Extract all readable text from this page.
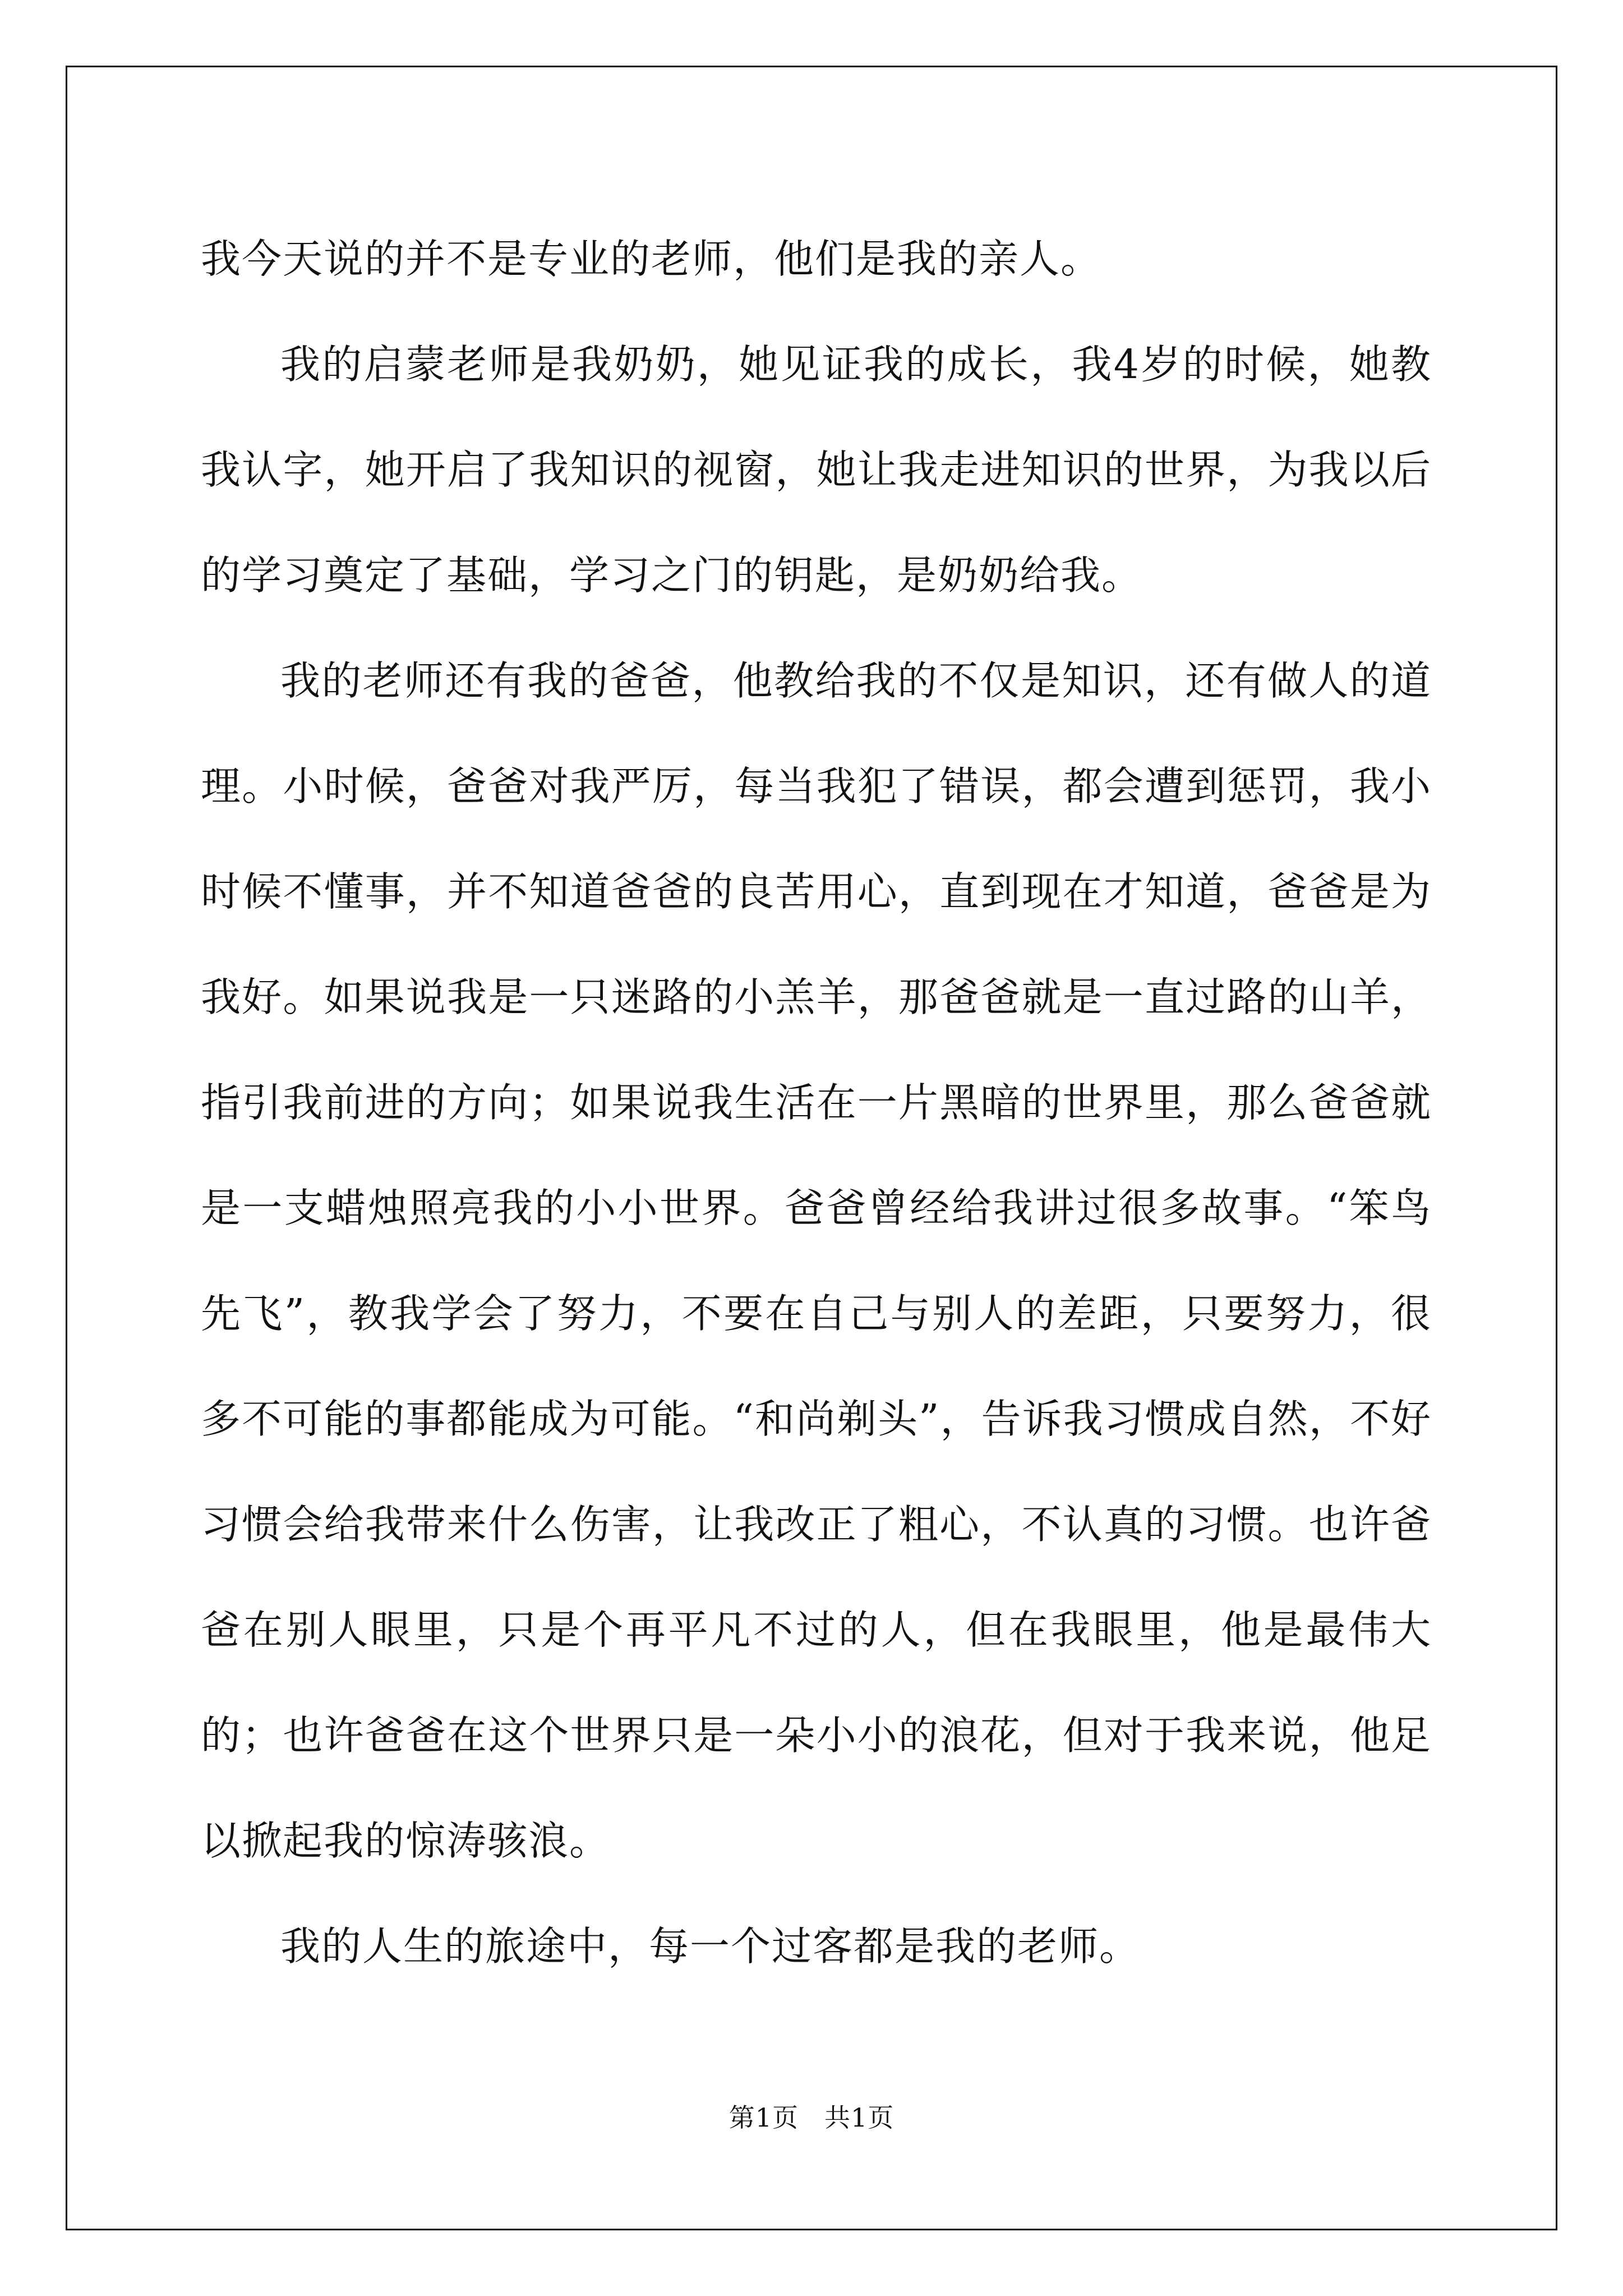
我今天说的并不是专业的老师，他们是我的亲人。

我的启蒙老师是我奶奶，她见证我的成长，我4岁的时候，她教我认字，她开启了我知识的视窗，她让我走进知识的世界，为我以后的学习奠定了基础，学习之门的钥匙，是奶奶给我。

我的老师还有我的爸爸，他教给我的不仅是知识，还有做人的道理。小时候，爸爸对我严厉，每当我犯了错误，都会遭到惩罚，我小时候不懂事，并不知道爸爸的良苦用心，直到现在才知道，爸爸是为我好。如果说我是一只迷路的小羔羊，那爸爸就是一直过路的山羊，指引我前进的方向；如果说我生活在一片黑暗的世界里，那么爸爸就是一支蜡烛照亮我的小小世界。爸爸曾经给我讲过很多故事。“笨鸟先飞”，教我学会了努力，不要在自己与别人的差距，只要努力，很多不可能的事都能成为可能。“和尚剃头”，告诉我习惯成自然，不好习惯会给我带来什么伤害，让我改正了粗心，不认真的习惯。也许爸爸在别人眼里，只是个再平凡不过的人，但在我眼里，他是最伟大的；也许爸爸在这个世界只是一朵小小的浪花，但对于我来说，他足以掀起我的惊涛骇浪。

我的人生的旅途中，每一个过客都是我的老师。

第1页 共1页
